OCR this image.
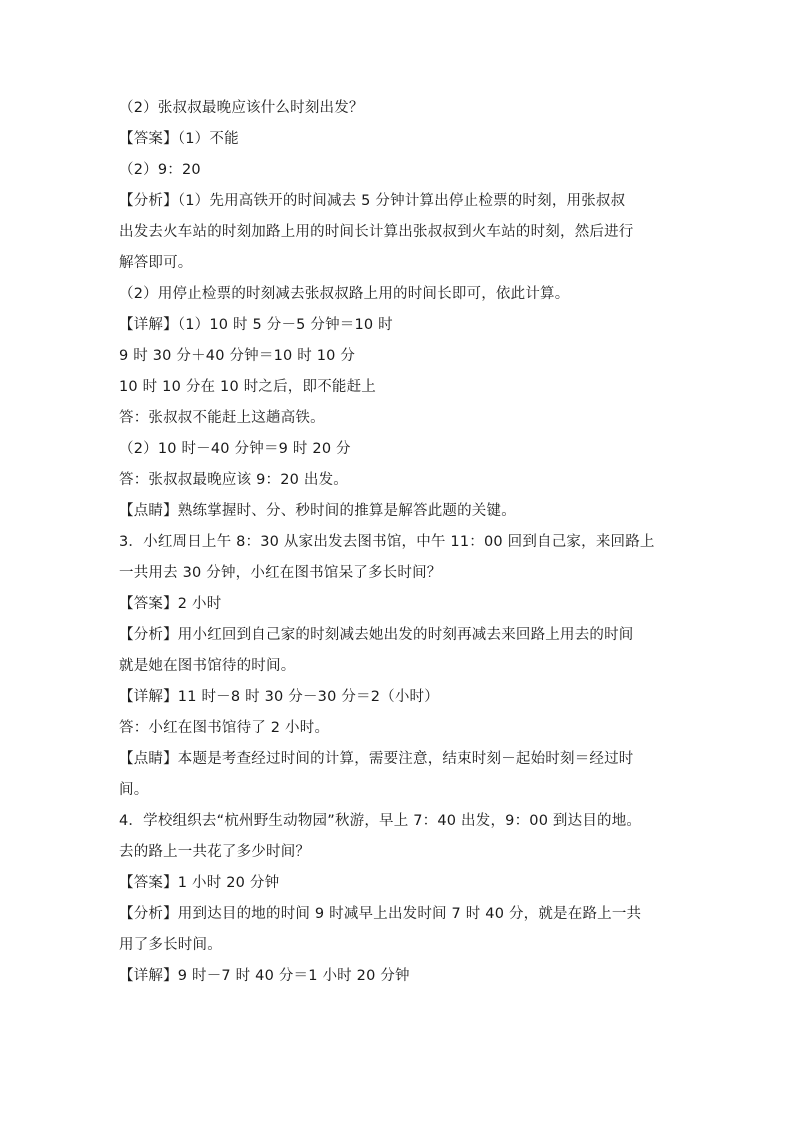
（2）张叔叔最晚应该什么时刻出发？
【答案】（1）不能
（2）9：20
【分析】（1）先用高铁开的时间减去 5 分钟计算出停止检票的时刻，用张叔叔
出发去火车站的时刻加路上用的时间长计算出张叔叔到火车站的时刻，然后进行
解答即可。
（2）用停止检票的时刻减去张叔叔路上用的时间长即可，依此计算。
【详解】（1）10 时 5 分－5 分钟＝10 时
9 时 30 分＋40 分钟＝10 时 10 分
10 时 10 分在 10 时之后，即不能赶上
答：张叔叔不能赶上这趟高铁。
（2）10 时－40 分钟＝9 时 20 分
答：张叔叔最晚应该 9：20 出发。
【点睛】熟练掌握时、分、秒时间的推算是解答此题的关键。
3．小红周日上午 8：30 从家出发去图书馆，中午 11：00 回到自己家，来回路上
一共用去 30 分钟，小红在图书馆呆了多长时间？
【答案】2 小时
【分析】用小红回到自己家的时刻减去她出发的时刻再减去来回路上用去的时间
就是她在图书馆待的时间。
【详解】11 时－8 时 30 分－30 分＝2（小时）
答：小红在图书馆待了 2 小时。
【点睛】本题是考查经过时间的计算，需要注意，结束时刻－起始时刻＝经过时
间。
4．学校组织去“杭州野生动物园”秋游，早上 7：40 出发，9：00 到达目的地。
去的路上一共花了多少时间？
【答案】1 小时 20 分钟
【分析】用到达目的地的时间 9 时减早上出发时间 7 时 40 分，就是在路上一共
用了多长时间。
【详解】9 时－7 时 40 分＝1 小时 20 分钟
